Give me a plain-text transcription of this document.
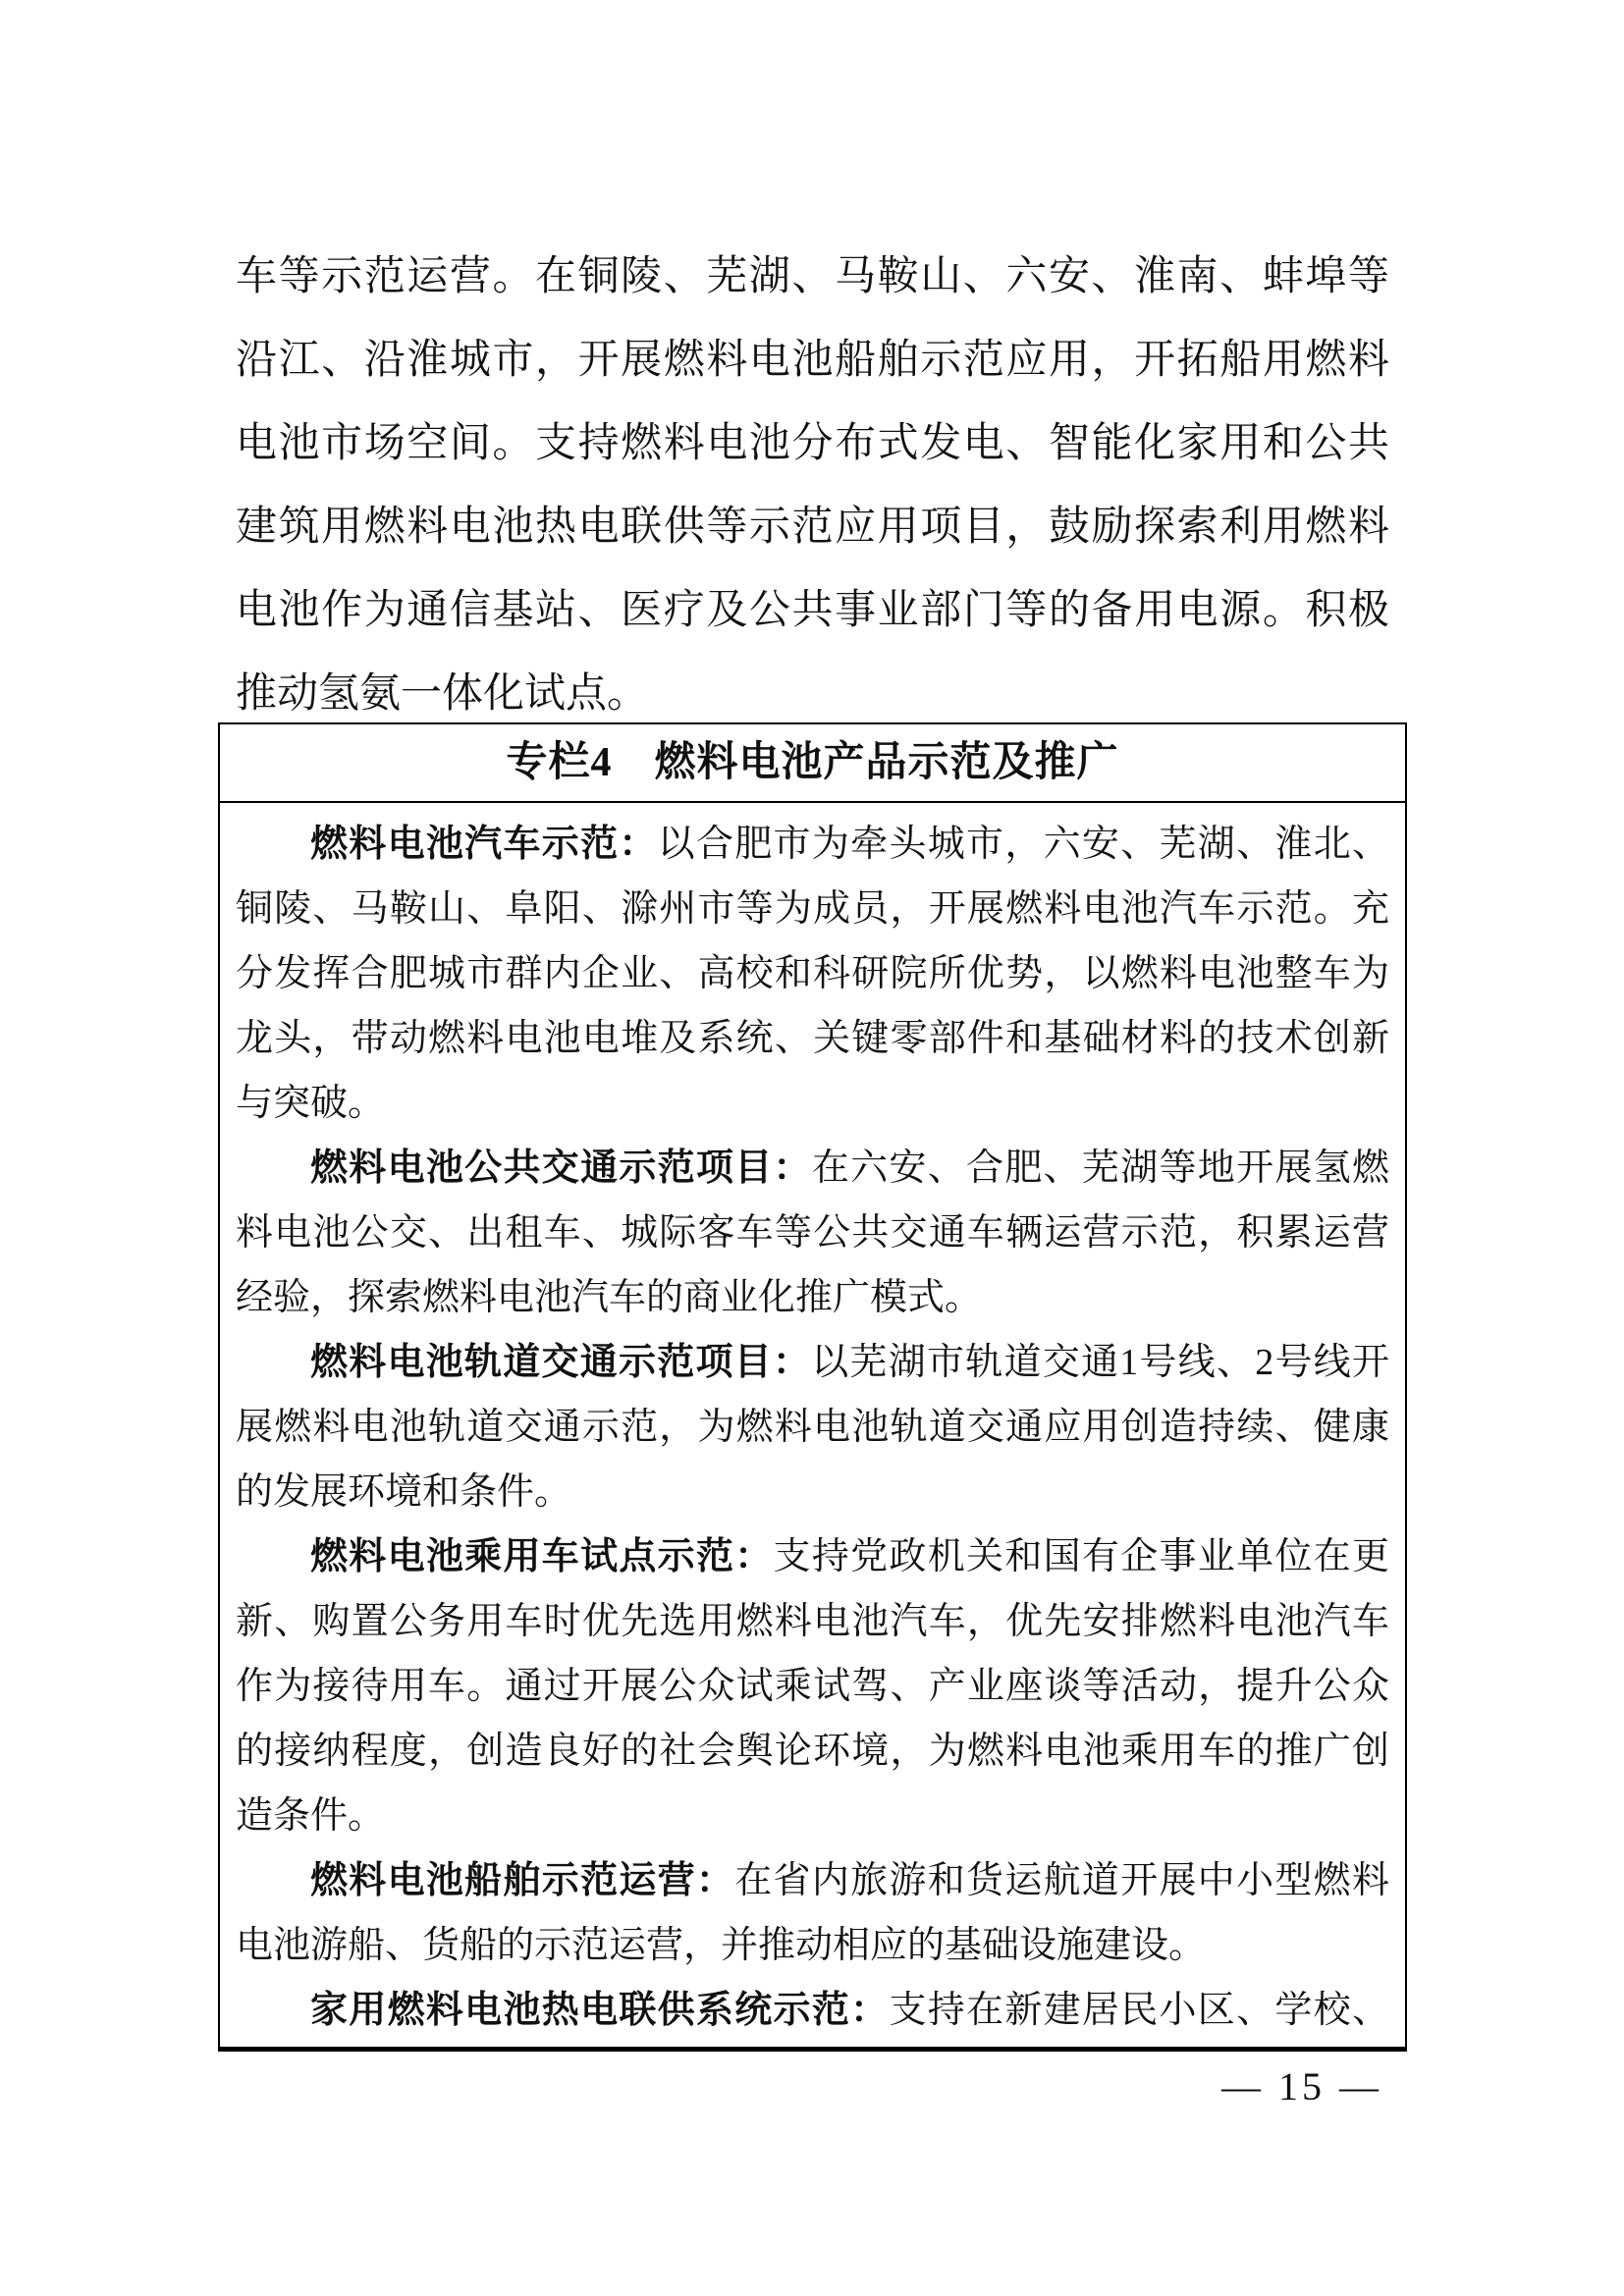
车等示范运营。在铜陵、芜湖、马鞍山、六安、淮南、蚌埠等
沿江、沿淮城市，开展燃料电池船舶示范应用，开拓船用燃料
电池市场空间。支持燃料电池分布式发电、智能化家用和公共
建筑用燃料电池热电联供等示范应用项目，鼓励探索利用燃料
电池作为通信基站、医疗及公共事业部门等的备用电源。积极
推动氢氨一体化试点。
专栏4　燃料电池产品示范及推广
燃料电池汽车示范：以合肥市为牵头城市，六安、芜湖、淮北、
铜陵、马鞍山、阜阳、滁州市等为成员，开展燃料电池汽车示范。充
分发挥合肥城市群内企业、高校和科研院所优势，以燃料电池整车为
龙头，带动燃料电池电堆及系统、关键零部件和基础材料的技术创新
与突破。
燃料电池公共交通示范项目：在六安、合肥、芜湖等地开展氢燃
料电池公交、出租车、城际客车等公共交通车辆运营示范，积累运营
经验，探索燃料电池汽车的商业化推广模式。
燃料电池轨道交通示范项目：以芜湖市轨道交通1号线、2号线开
展燃料电池轨道交通示范，为燃料电池轨道交通应用创造持续、健康
的发展环境和条件。
燃料电池乘用车试点示范：支持党政机关和国有企事业单位在更
新、购置公务用车时优先选用燃料电池汽车，优先安排燃料电池汽车
作为接待用车。通过开展公众试乘试驾、产业座谈等活动，提升公众
的接纳程度，创造良好的社会舆论环境，为燃料电池乘用车的推广创
造条件。
燃料电池船舶示范运营：在省内旅游和货运航道开展中小型燃料
电池游船、货船的示范运营，并推动相应的基础设施建设。
家用燃料电池热电联供系统示范：支持在新建居民小区、学校、
— 15 —
